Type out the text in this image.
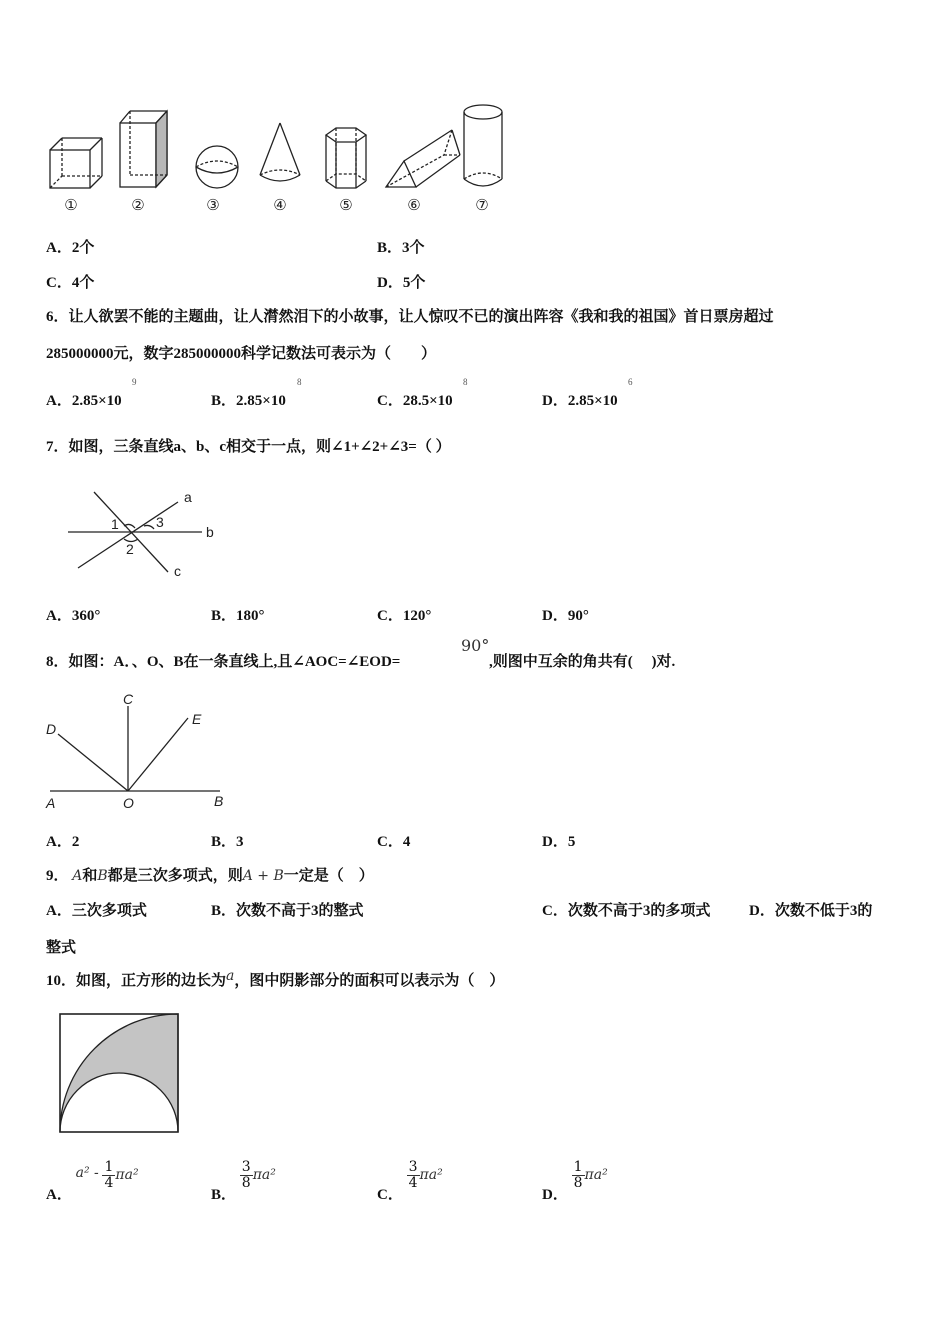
①	②	③	④	⑤	⑥	⑦
A．2个	B．3个
C．4个	D．5个
6．让人欲罢不能的主题曲，让人潸然泪下的小故事，让人惊叹不已的演出阵容《我和我的祖国》首日票房超过
285000000元，数字285000000科学记数法可表示为（　　）
A．2.85×10
9
B．2.85×10
8
C．28.5×10
8
D．2.85×10
6
7．如图，三条直线a、b、c相交于一点，则∠1+∠2+∠3=（ ）
a
b
c
1
2
3
A．360°	B．180°	C．120°	D．90°
8．如图：A．、O、B在一条直线上,且∠AOC=∠EOD=
90°
,则图中互余的角共有(　 )对.
A	O	B
C
D
E
A．2	B．3	C．4	D．5
9． A和B都是三次多项式，则A + B一定是（　）
A．三次多项式	B．次数不高于3的整式	C．次数不高于3的多项式	D．次数不低于3的
整式
10．如图，正方形的边长为a，图中阴影部分的面积可以表示为（　）
A． $a^2 - \frac{1}{4} \pi a^2$
B．
$\frac{3}{8} \pi a^2$
C．
$\frac{3}{4} \pi a^2$
D．
$\frac{1}{8} \pi a^2$
